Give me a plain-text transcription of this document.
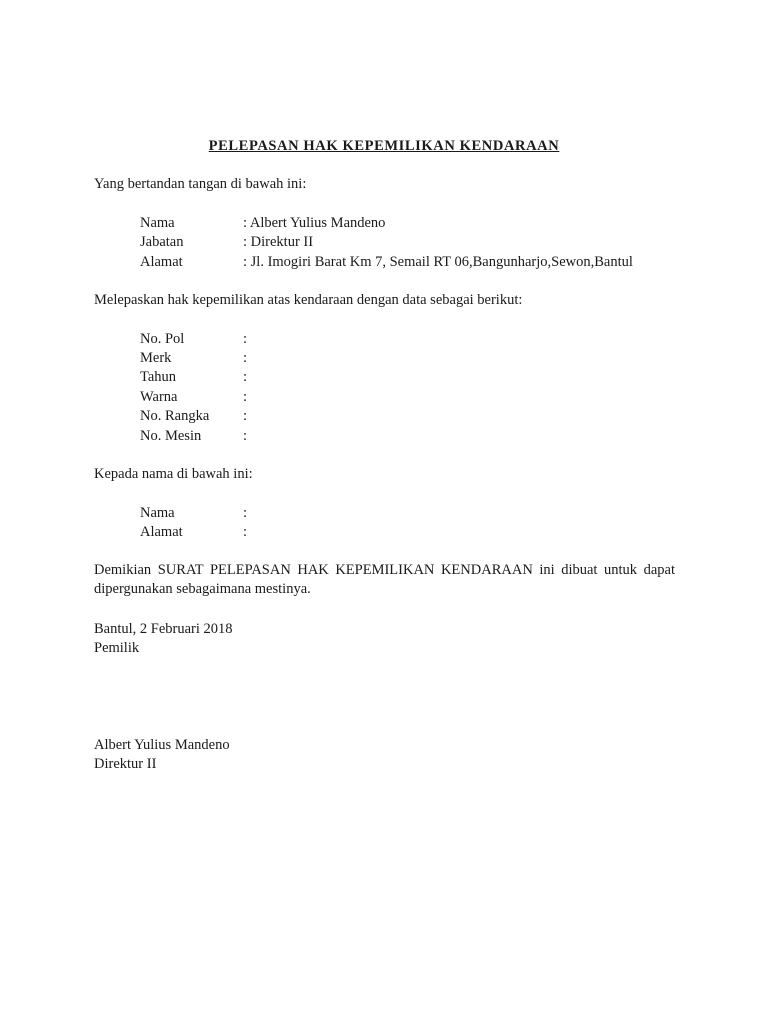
PELEPASAN HAK KEPEMILIKAN KENDARAAN
Yang bertandan tangan di bawah ini:
Nama	: Albert Yulius Mandeno
Jabatan	: Direktur II
Alamat	: Jl. Imogiri Barat Km 7, Semail RT 06,Bangunharjo,Sewon,Bantul
Melepaskan hak kepemilikan atas kendaraan dengan data sebagai berikut:
No. Pol	:
Merk	:
Tahun	:
Warna	:
No. Rangka :
No. Mesin	:
Kepada nama di bawah ini:
Nama	:
Alamat	:
Demikian SURAT PELEPASAN HAK KEPEMILIKAN KENDARAAN ini dibuat untuk dapat dipergunakan sebagaimana mestinya.
Bantul, 2 Februari 2018
Pemilik
Albert Yulius Mandeno
Direktur II
